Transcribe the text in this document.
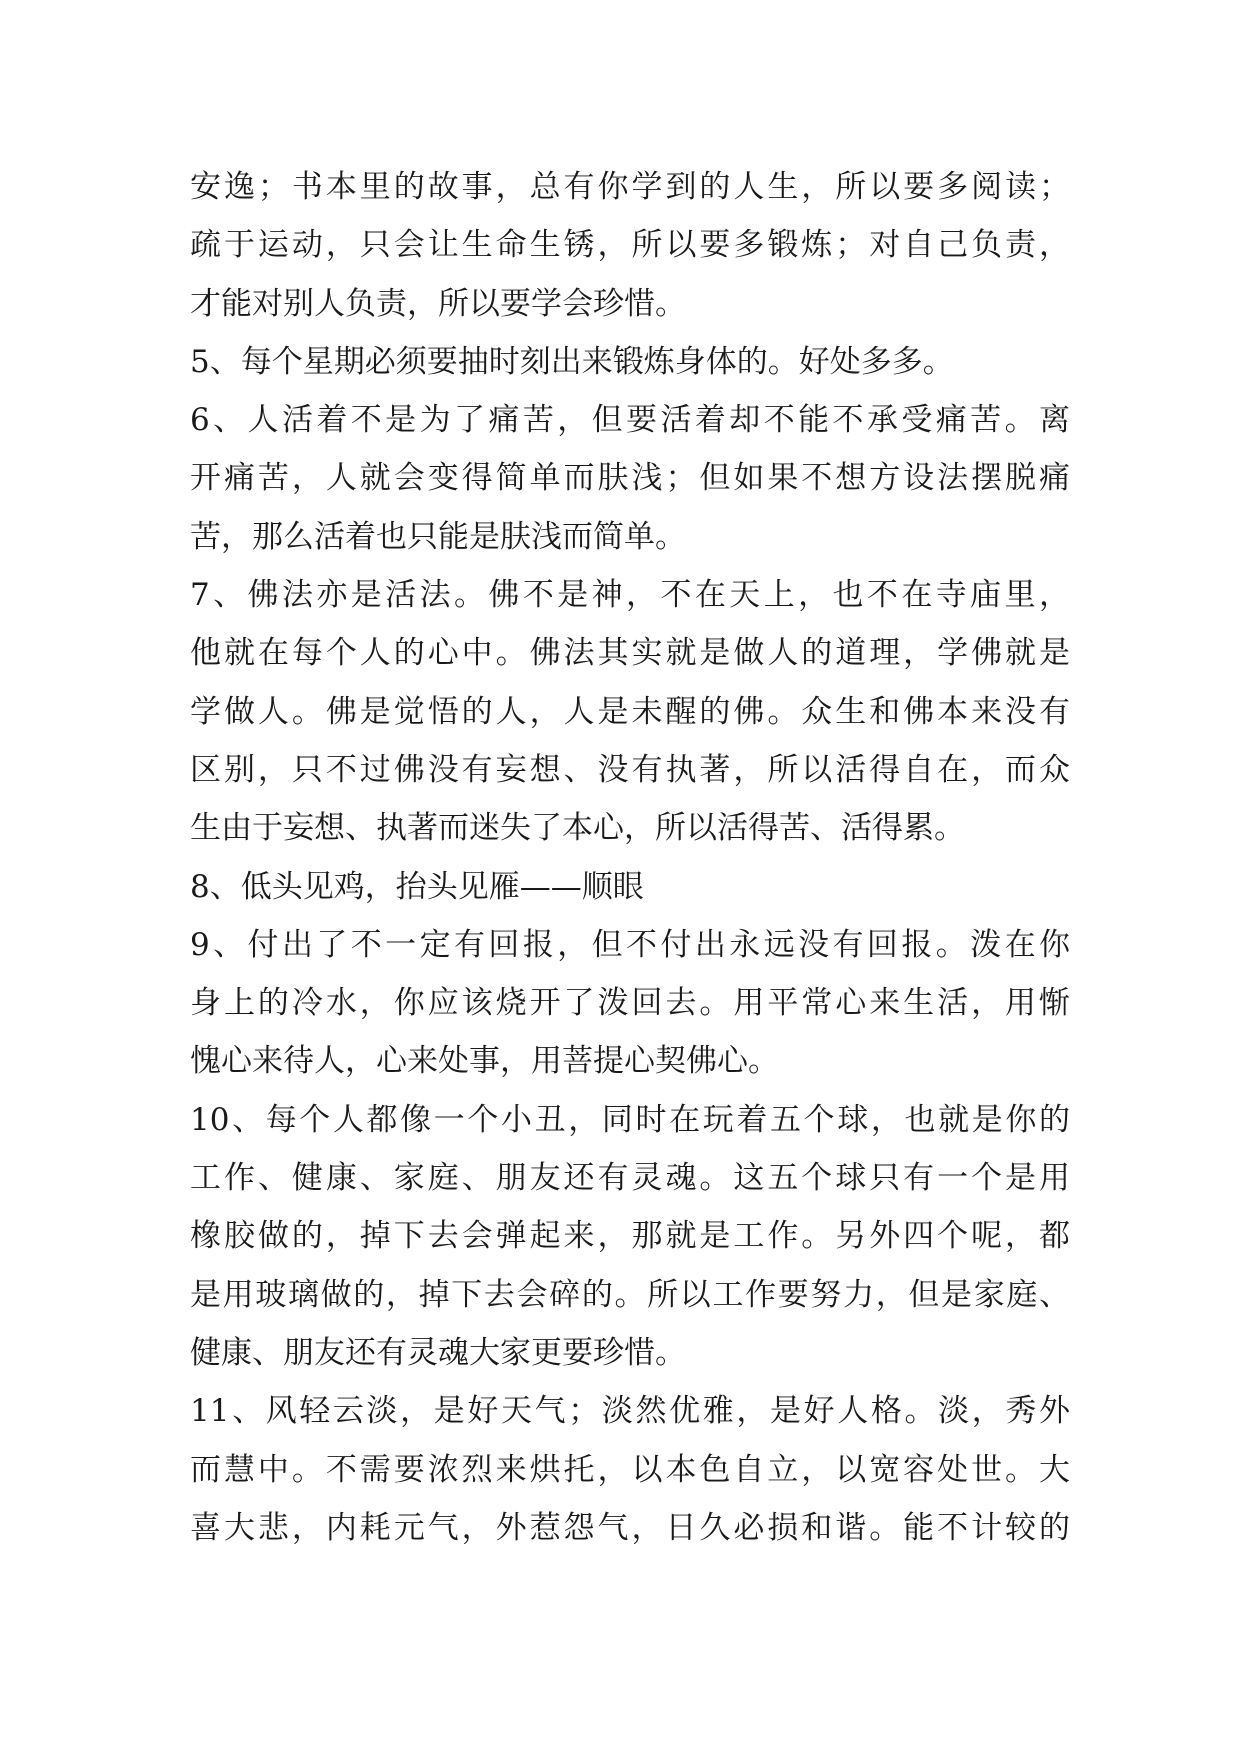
安逸；书本里的故事，总有你学到的人生，所以要多阅读；
疏于运动，只会让生命生锈，所以要多锻炼；对自己负责，
才能对别人负责，所以要学会珍惜。
5、每个星期必须要抽时刻出来锻炼身体的。好处多多。
6、人活着不是为了痛苦，但要活着却不能不承受痛苦。离
开痛苦，人就会变得简单而肤浅；但如果不想方设法摆脱痛
苦，那么活着也只能是肤浅而简单。
7、佛法亦是活法。佛不是神，不在天上，也不在寺庙里，
他就在每个人的心中。佛法其实就是做人的道理，学佛就是
学做人。佛是觉悟的人，人是未醒的佛。众生和佛本来没有
区别，只不过佛没有妄想、没有执著，所以活得自在，而众
生由于妄想、执著而迷失了本心，所以活得苦、活得累。
8、低头见鸡，抬头见雁——顺眼
9、付出了不一定有回报，但不付出永远没有回报。泼在你
身上的冷水，你应该烧开了泼回去。用平常心来生活，用惭
愧心来待人，心来处事，用菩提心契佛心。
10、每个人都像一个小丑，同时在玩着五个球，也就是你的
工作、健康、家庭、朋友还有灵魂。这五个球只有一个是用
橡胶做的，掉下去会弹起来，那就是工作。另外四个呢，都
是用玻璃做的，掉下去会碎的。所以工作要努力，但是家庭、
健康、朋友还有灵魂大家更要珍惜。
11、风轻云淡，是好天气；淡然优雅，是好人格。淡，秀外
而慧中。不需要浓烈来烘托，以本色自立，以宽容处世。大
喜大悲，内耗元气，外惹怨气，日久必损和谐。能不计较的
